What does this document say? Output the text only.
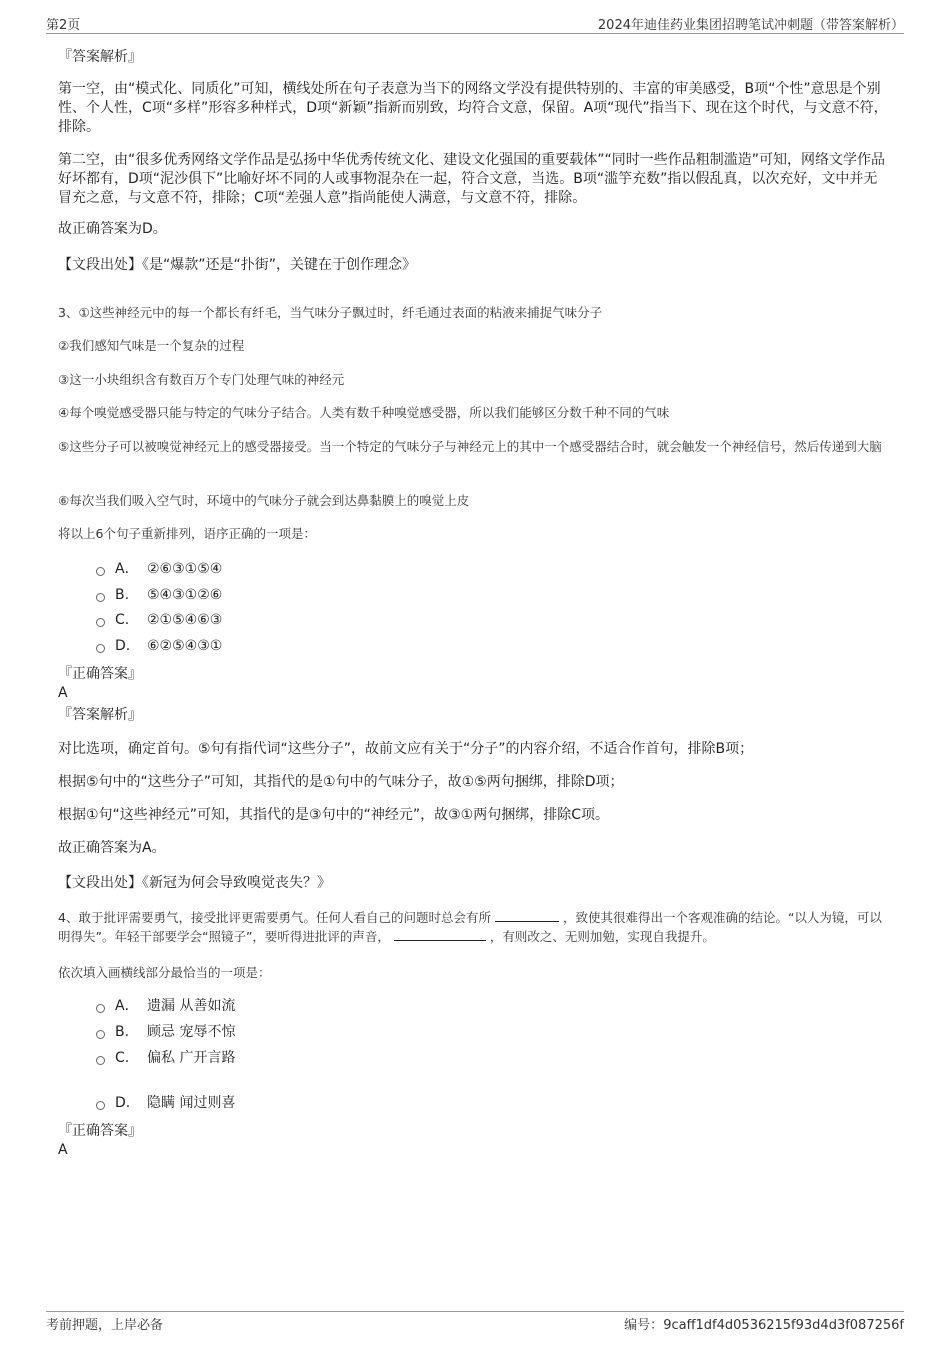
第2页	2024年迪佳药业集团招聘笔试冲刺题（带答案解析）
『答案解析』
第一空，由“模式化、同质化”可知，横线处所在句子表意为当下的网络文学没有提供特别的、丰富的审美感受，B项“个性”意思是个别性、个人性，C项“多样”形容多种样式，D项“新颖”指新而别致，均符合文意，保留。A项“现代”指当下、现在这个时代，与文意不符，排除。
第二空，由“很多优秀网络文学作品是弘扬中华优秀传统文化、建设文化强国的重要载体”“同时一些作品粗制滥造”可知，网络文学作品好坏都有，D项“泥沙俱下”比喻好坏不同的人或事物混杂在一起，符合文意，当选。B项“滥竽充数”指以假乱真，以次充好，文中并无冒充之意，与文意不符，排除；C项“差强人意”指尚能使人满意，与文意不符，排除。
故正确答案为D。
【文段出处】《是“爆款”还是“扑街”，关键在于创作理念》
3、①这些神经元中的每一个都长有纤毛，当气味分子飘过时，纤毛通过表面的粘液来捕捉气味分子
②我们感知气味是一个复杂的过程
③这一小块组织含有数百万个专门处理气味的神经元
④每个嗅觉感受器只能与特定的气味分子结合。人类有数千种嗅觉感受器，所以我们能够区分数千种不同的气味
⑤这些分子可以被嗅觉神经元上的感受器接受。当一个特定的气味分子与神经元上的其中一个感受器结合时，就会触发一个神经信号，然后传递到大脑
⑥每次当我们吸入空气时，环境中的气味分子就会到达鼻黏膜上的嗅觉上皮
将以上6个句子重新排列，语序正确的一项是：
A． ②⑥③①⑤④
B.	⑤④③①②⑥
C.	②①⑤④⑥③
D.	⑥②⑤④③①
『正确答案』
A
『答案解析』
对比选项，确定首句。⑤句有指代词“这些分子”，故前文应有关于“分子”的内容介绍，不适合作首句，排除B项；
根据⑤句中的“这些分子”可知，其指代的是①句中的气味分子，故①⑤两句捆绑，排除D项；
根据①句“这些神经元”可知，其指代的是③句中的“神经元”，故③①两句捆绑，排除C项。
故正确答案为A。
【文段出处】《新冠为何会导致嗅觉丧失？》
4、敢于批评需要勇气，接受批评更需要勇气。任何人看自己的问题时总会有所	，致使其很难得出一个客观准确的结论。“以人为镜，可以明得失”。年轻干部要学会“照镜子”，要听得进批评的声音，	，有则改之、无则加勉，实现自我提升。
依次填入画横线部分最恰当的一项是：
A． 遗漏 从善如流
B.	顾忌 宠辱不惊
C.	偏私 广开言路
D.	隐瞒 闻过则喜
『正确答案』
A
考前押题，上岸必备	编号：9caff1df4d0536215f93d4d3f087256f
